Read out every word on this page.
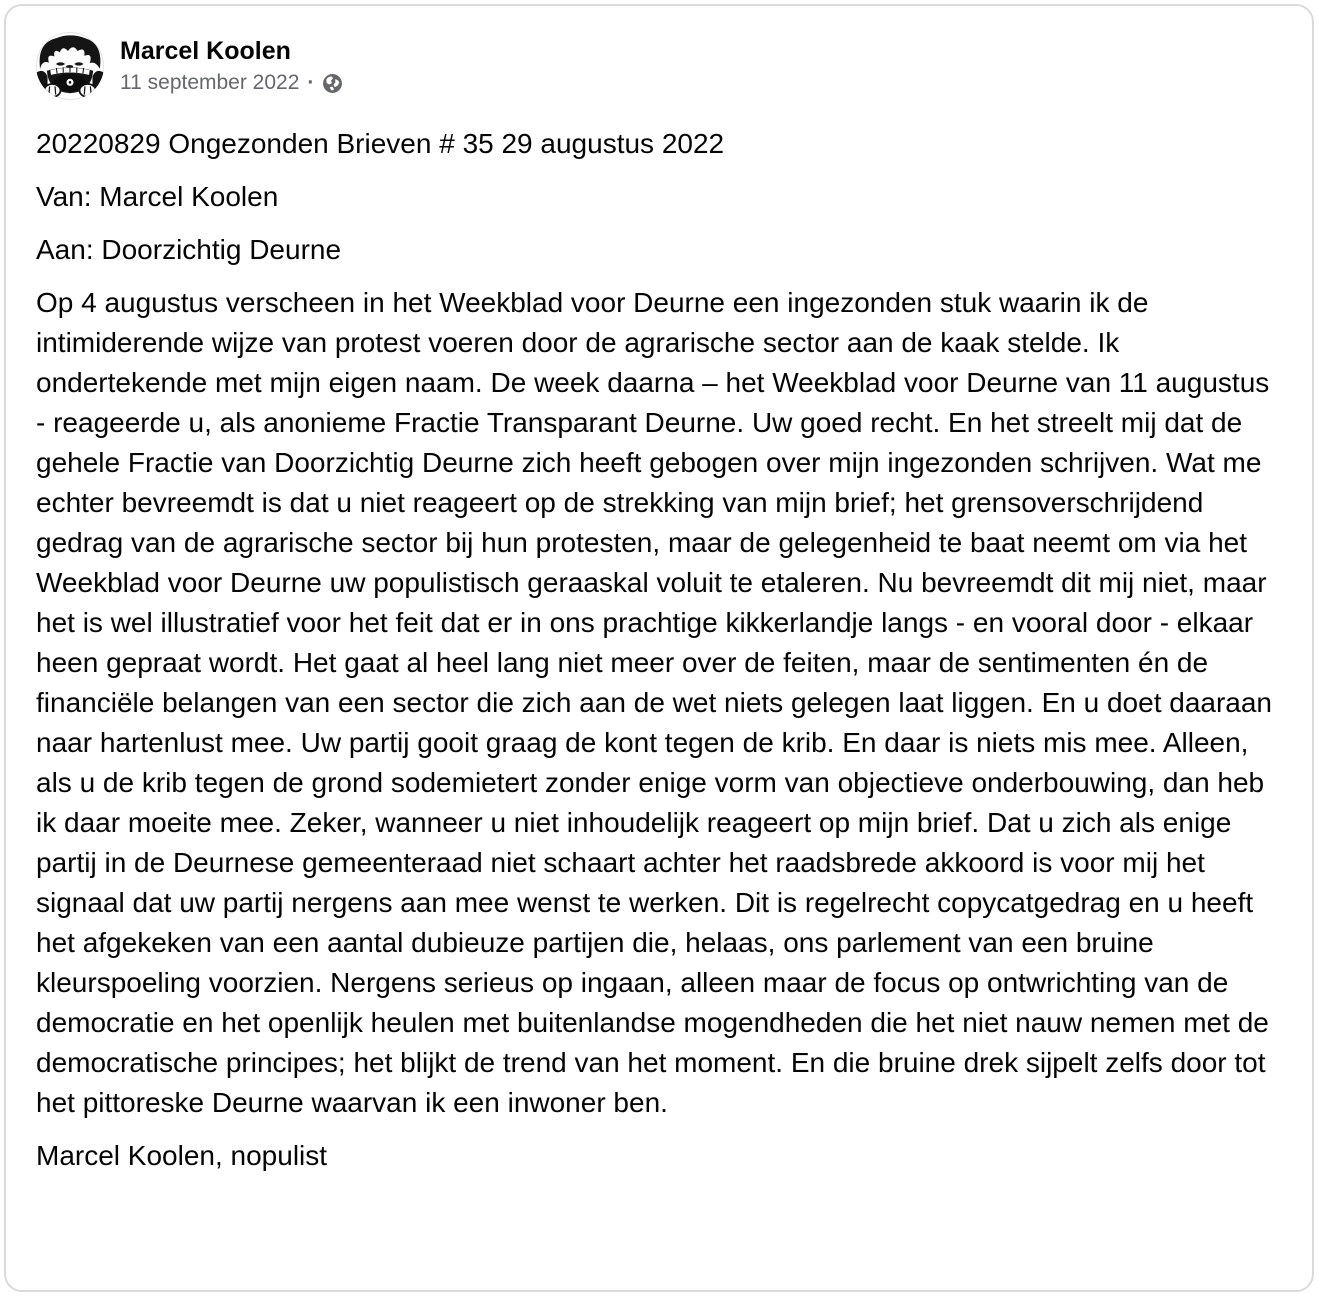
Marcel Koolen
11 september 2022 ·

20220829 Ongezonden Brieven # 35 29 augustus 2022

Van: Marcel Koolen

Aan: Doorzichtig Deurne

Op 4 augustus verscheen in het Weekblad voor Deurne een ingezonden stuk waarin ik de intimiderende wijze van protest voeren door de agrarische sector aan de kaak stelde. Ik ondertekende met mijn eigen naam. De week daarna – het Weekblad voor Deurne van 11 augustus - reageerde u, als anonieme Fractie Transparant Deurne. Uw goed recht. En het streelt mij dat de gehele Fractie van Doorzichtig Deurne zich heeft gebogen over mijn ingezonden schrijven. Wat me echter bevreemdt is dat u niet reageert op de strekking van mijn brief; het grensoverschrijdend gedrag van de agrarische sector bij hun protesten, maar de gelegenheid te baat neemt om via het Weekblad voor Deurne uw populistisch geraaskal voluit te etaleren. Nu bevreemdt dit mij niet, maar het is wel illustratief voor het feit dat er in ons prachtige kikkerlandje langs - en vooral door - elkaar heen gepraat wordt. Het gaat al heel lang niet meer over de feiten, maar de sentimenten én de financiële belangen van een sector die zich aan de wet niets gelegen laat liggen. En u doet daaraan naar hartenlust mee. Uw partij gooit graag de kont tegen de krib. En daar is niets mis mee. Alleen, als u de krib tegen de grond sodemietert zonder enige vorm van objectieve onderbouwing, dan heb ik daar moeite mee. Zeker, wanneer u niet inhoudelijk reageert op mijn brief. Dat u zich als enige partij in de Deurnese gemeenteraad niet schaart achter het raadsbrede akkoord is voor mij het signaal dat uw partij nergens aan mee wenst te werken. Dit is regelrecht copycatgedrag en u heeft het afgekeken van een aantal dubieuze partijen die, helaas, ons parlement van een bruine kleurspoeling voorzien. Nergens serieus op ingaan, alleen maar de focus op ontwrichting van de democratie en het openlijk heulen met buitenlandse mogendheden die het niet nauw nemen met de democratische principes; het blijkt de trend van het moment. En die bruine drek sijpelt zelfs door tot het pittoreske Deurne waarvan ik een inwoner ben.

Marcel Koolen, nopulist
